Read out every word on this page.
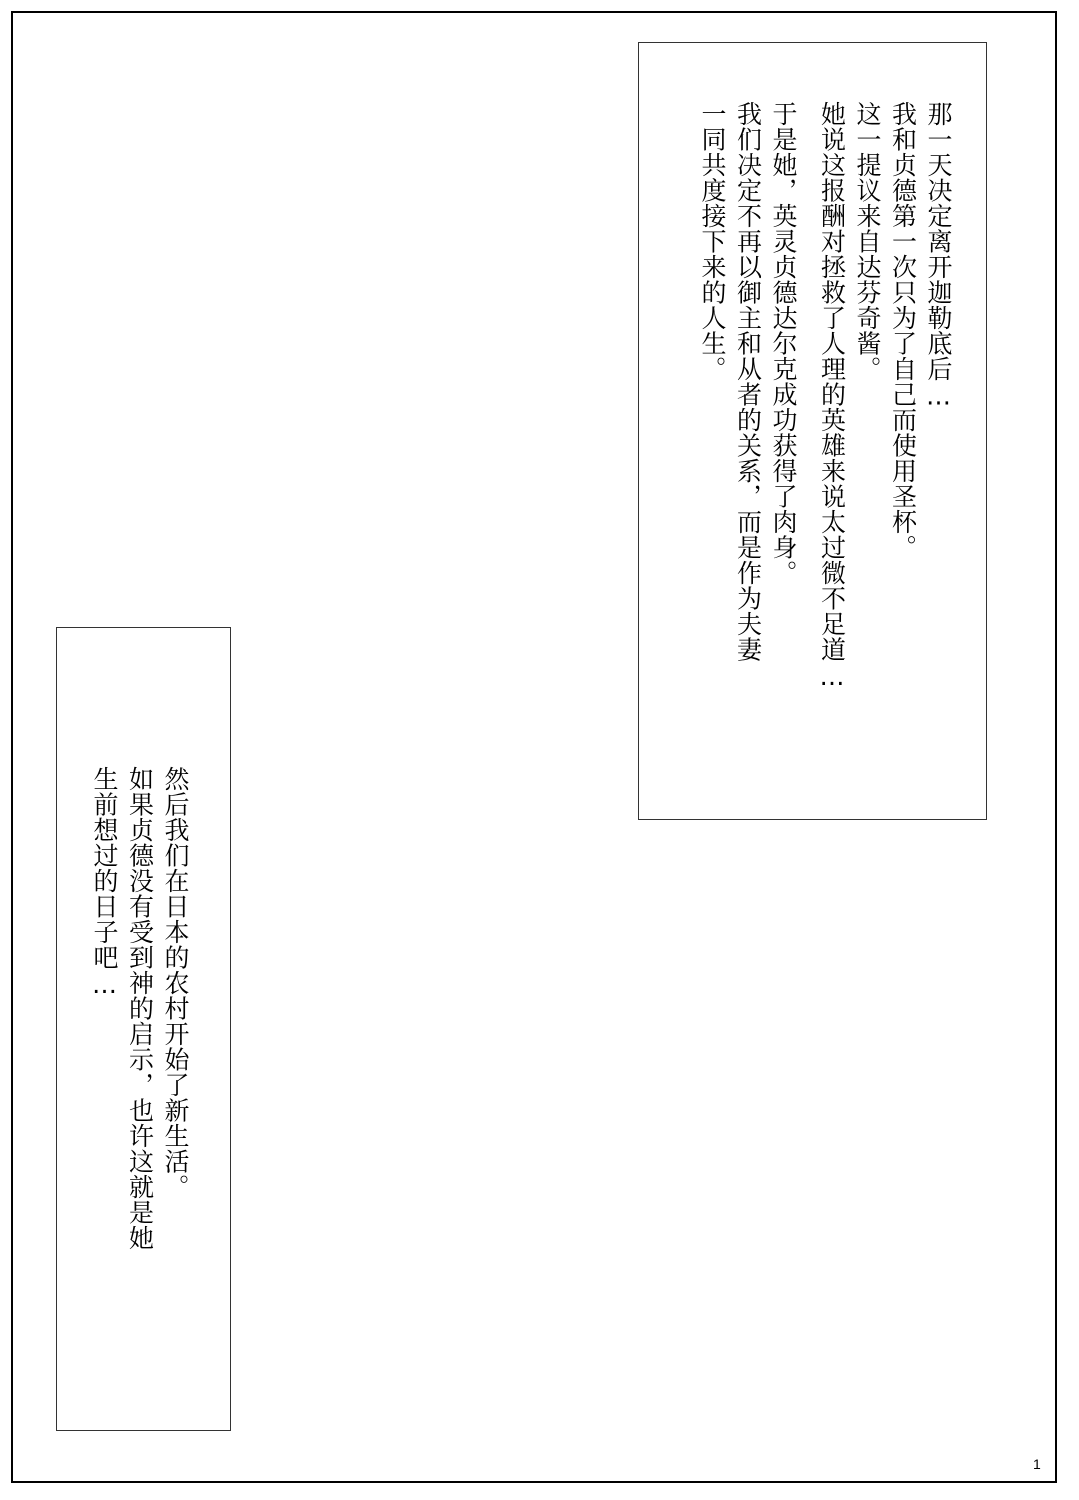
那一天决定离开迦勒底后…
我和贞德第一次只为了自己而使用圣杯。
这一提议来自达芬奇酱。
她说这报酬对拯救了人理的英雄来说太过微不足道…
于是她，英灵贞德达尔克成功获得了肉身。
我们决定不再以御主和从者的关系，而是作为夫妻
一同共度接下来的人生。
然后我们在日本的农村开始了新生活。
如果贞德没有受到神的启示，也许这就是她
生前想过的日子吧…
1
